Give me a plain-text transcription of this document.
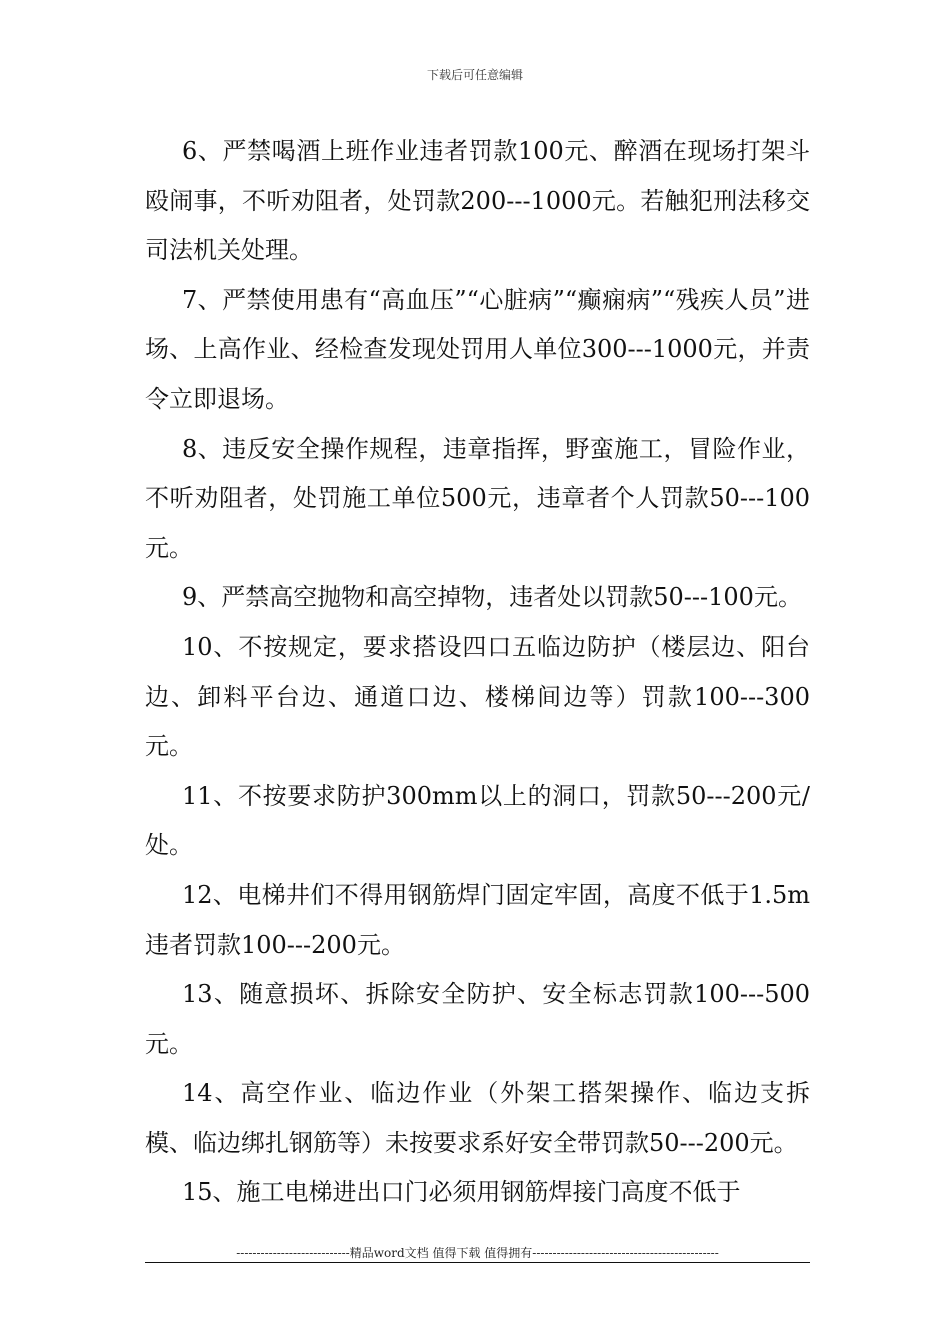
下载后可任意编辑

6、严禁喝酒上班作业违者罚款100元、醉酒在现场打架斗殴闹事，不听劝阻者，处罚款200---1000元。若触犯刑法移交司法机关处理。

7、严禁使用患有“高血压”“心脏病”“癫痫病”“残疾人员”进场、上高作业、经检查发现处罚用人单位300---1000元，并责令立即退场。

8、违反安全操作规程，违章指挥，野蛮施工，冒险作业，不听劝阻者，处罚施工单位500元，违章者个人罚款50---100元。

9、严禁高空抛物和高空掉物，违者处以罚款50---100元。

10、不按规定，要求搭设四口五临边防护（楼层边、阳台边、卸料平台边、通道口边、楼梯间边等）罚款100---300元。

11、不按要求防护300mm以上的洞口，罚款50---200元/处。

12、电梯井们不得用钢筋焊门固定牢固，高度不低于1.5m违者罚款100---200元。

13、随意损坏、拆除安全防护、安全标志罚款100---500元。

14、高空作业、临边作业（外架工搭架操作、临边支拆模、临边绑扎钢筋等）未按要求系好安全带罚款50---200元。

15、施工电梯进出口门必须用钢筋焊接门高度不低于

----------------------------精品word文档 值得下载 值得拥有----------------------------------------------
